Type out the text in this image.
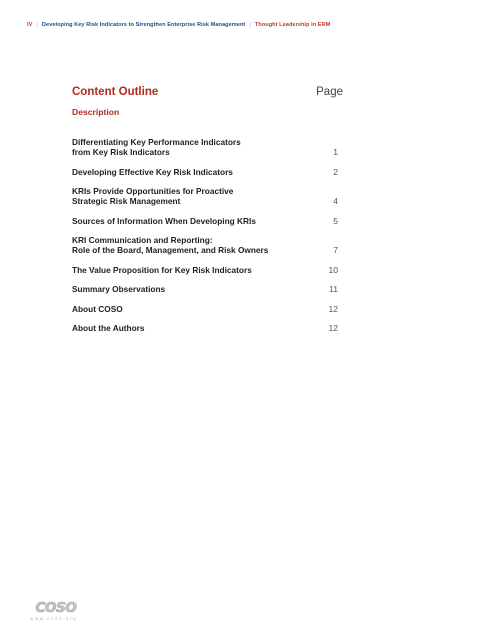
IV | Developing Key Risk Indicators to Strengthen Enterprise Risk Management | Thought Leadership in ERM
Content Outline	Page
Description
Differentiating Key Performance Indicators
from Key Risk Indicators	1
Developing Effective Key Risk Indicators	2
KRIs Provide Opportunities for Proactive
Strategic Risk Management	4
Sources of Information When Developing KRIs	5
KRI Communication and Reporting:
Role of the Board, Management, and Risk Owners	7
The Value Proposition for Key Risk Indicators	10
Summary Observations	11
About COSO	12
About the Authors	12
COSO
www.coso.org
